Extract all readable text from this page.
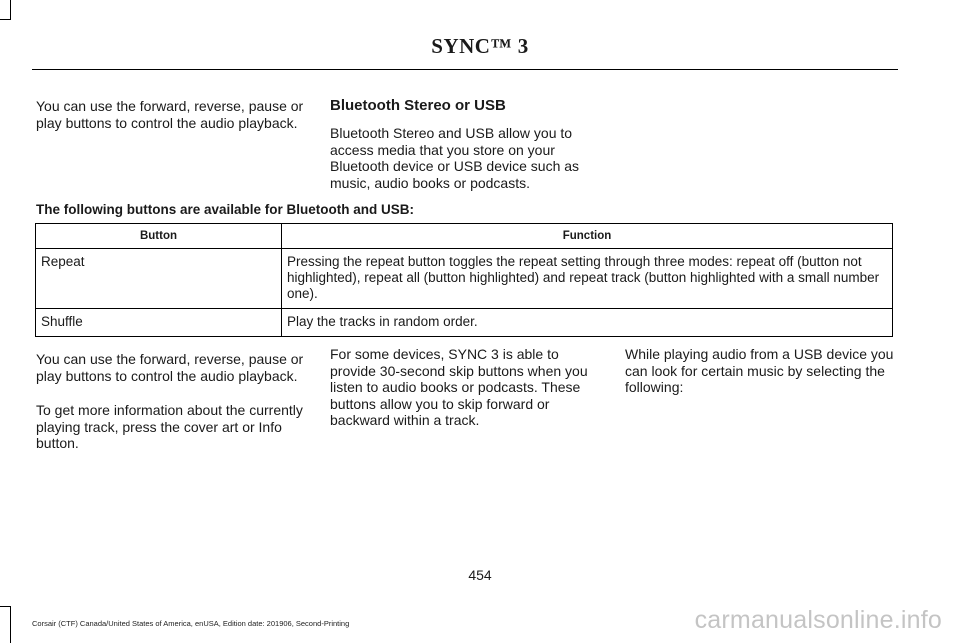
SYNC™ 3

You can use the forward, reverse, pause or play buttons to control the audio playback.

Bluetooth Stereo or USB

Bluetooth Stereo and USB allow you to access media that you store on your Bluetooth device or USB device such as music, audio books or podcasts.

The following buttons are available for Bluetooth and USB:

Button	Function
Repeat	Pressing the repeat button toggles the repeat setting through three modes: repeat off (button not highlighted), repeat all (button highlighted) and repeat track (button highlighted with a small number one).
Shuffle	Play the tracks in random order.

You can use the forward, reverse, pause or play buttons to control the audio playback.

To get more information about the currently playing track, press the cover art or Info button.

For some devices, SYNC 3 is able to provide 30-second skip buttons when you listen to audio books or podcasts. These buttons allow you to skip forward or backward within a track.

While playing audio from a USB device you can look for certain music by selecting the following:

454
Corsair (CTF) Canada/United States of America, enUSA, Edition date: 201906, Second-Printing	carmanualsonline.info
